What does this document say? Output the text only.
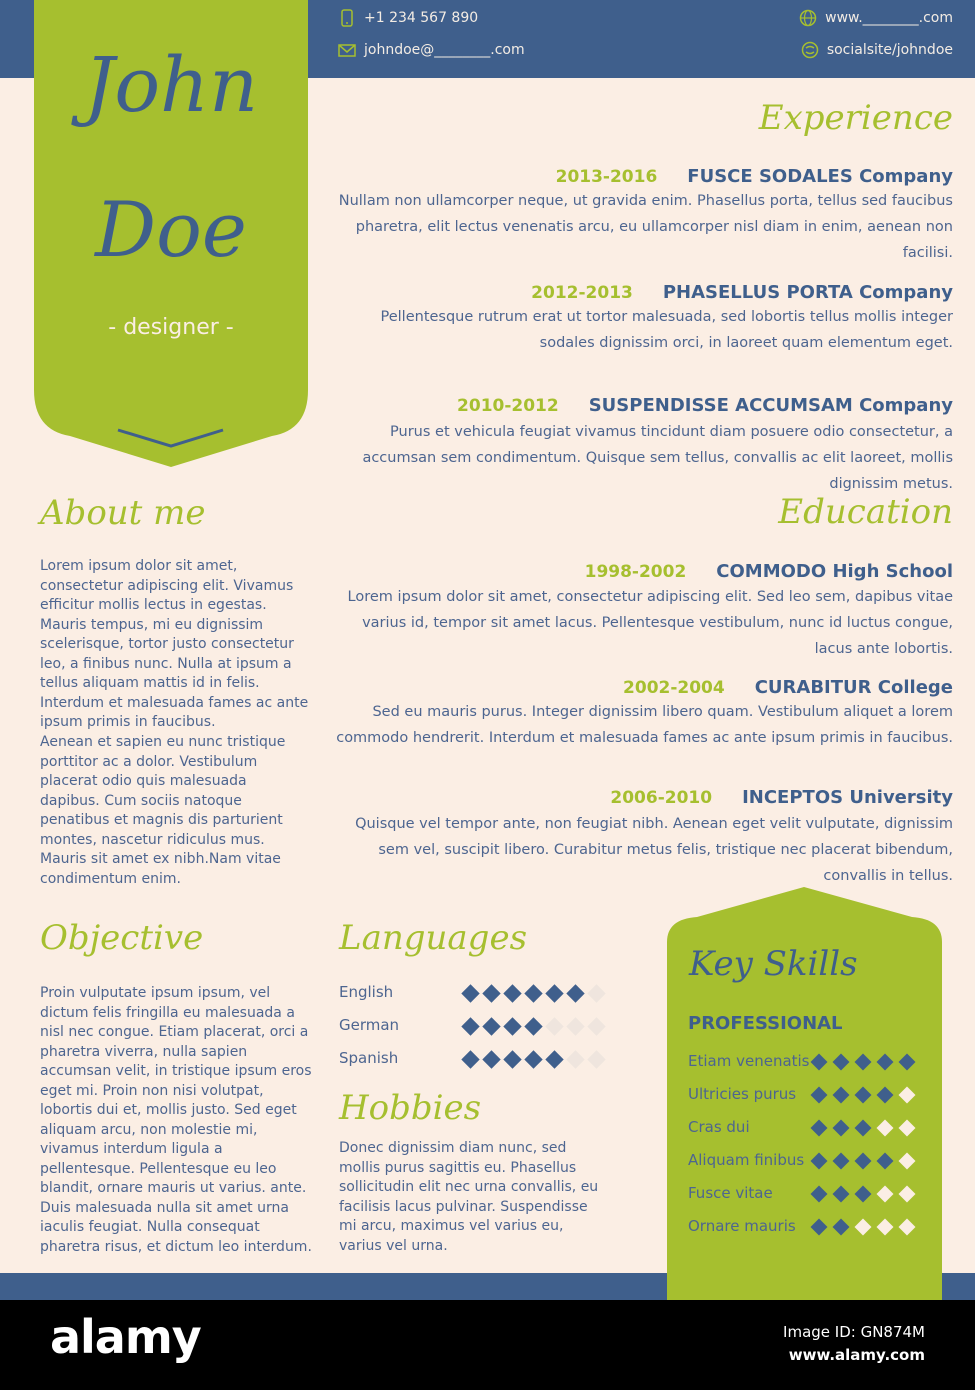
+1 234 567 890
johndoe@________.com
www.________.com
socialsite/johndoe
John
Doe
- designer -
Experience
2013-2016 FUSCE SODALES Company
Nullam non ullamcorper neque, ut gravida enim. Phasellus porta, tellus sed faucibus pharetra, elit lectus venenatis arcu, eu ullamcorper nisl diam in enim, aenean non facilisi.
2012-2013 PHASELLUS PORTA Company
Pellentesque rutrum erat ut tortor malesuada, sed lobortis tellus mollis integer sodales dignissim orci, in laoreet quam elementum eget.
2010-2012 SUSPENDISSE ACCUMSAM Company
Purus et vehicula feugiat vivamus tincidunt diam posuere odio consectetur, a accumsan sem condimentum. Quisque sem tellus, convallis ac elit laoreet, mollis dignissim metus.
About me
Lorem ipsum dolor sit amet, consectetur adipiscing elit. Vivamus efficitur mollis lectus in egestas. Mauris tempus, mi eu dignissim scelerisque, tortor justo consectetur leo, a finibus nunc. Nulla at ipsum a tellus aliquam mattis id in felis. Interdum et malesuada fames ac ante ipsum primis in faucibus.
Aenean et sapien eu nunc tristique porttitor ac a dolor. Vestibulum placerat odio quis malesuada dapibus. Cum sociis natoque penatibus et magnis dis parturient montes, nascetur ridiculus mus. Mauris sit amet ex nibh.Nam vitae condimentum enim.
Education
1998-2002 COMMODO High School
Lorem ipsum dolor sit amet, consectetur adipiscing elit. Sed leo sem, dapibus vitae varius id, tempor sit amet lacus. Pellentesque vestibulum, nunc id luctus congue, lacus ante lobortis.
2002-2004 CURABITUR College
Sed eu mauris purus. Integer dignissim libero quam. Vestibulum aliquet a lorem commodo hendrerit. Interdum et malesuada fames ac ante ipsum primis in faucibus.
2006-2010 INCEPTOS University
Quisque vel tempor ante, non feugiat nibh. Aenean eget velit vulputate, dignissim sem vel, suscipit libero. Curabitur metus felis, tristique nec placerat bibendum, convallis in tellus.
Objective
Proin vulputate ipsum ipsum, vel dictum felis fringilla eu malesuada a nisl nec congue. Etiam placerat, orci a pharetra viverra, nulla sapien accumsan velit, in tristique ipsum eros eget mi. Proin non nisi volutpat, lobortis dui et, mollis justo. Sed eget aliquam arcu, non molestie mi, vivamus interdum ligula a pellentesque. Pellentesque eu leo blandit, ornare mauris ut varius. ante. Duis malesuada nulla sit amet urna iaculis feugiat. Nulla consequat pharetra risus, et dictum leo interdum.
Languages
English
German
Spanish
Hobbies
Donec dignissim diam nunc, sed mollis purus sagittis eu. Phasellus sollicitudin elit nec urna convallis, eu facilisis lacus pulvinar. Suspendisse mi arcu, maximus vel varius eu, varius vel urna.
Key Skills
PROFESSIONAL
Etiam venenatis
Ultricies purus
Cras dui
Aliquam finibus
Fusce vitae
Ornare mauris
alamy	Image ID: GN874M
www.alamy.com
